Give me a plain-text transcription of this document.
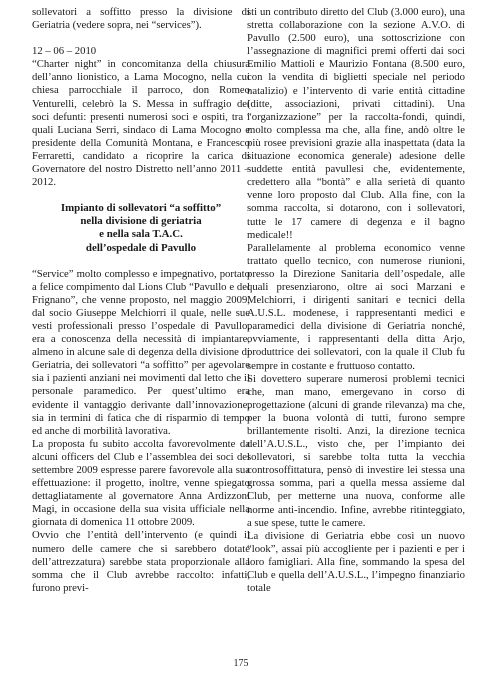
sollevatori a soffitto presso la divisione di Geriatria (vedere sopra, nei “services”).

12 – 06 – 2010

“Charter night” in concomitanza della chiusura dell’anno lionistico, a Lama Mocogno, nella cui chiesa parrocchiale il parroco, don Romeo Venturelli, celebrò la S. Messa in suffragio dei soci defunti: presenti numerosi soci e ospiti, tra i quali Luciana Serri, sindaco di Lama Mocogno e presidente della Comunità Montana, e Francesco Ferraretti, candidato a ricoprire la carica di Governatore del nostro Distretto nell’anno 2011 – 2012.

Impianto di sollevatori “a soffitto”

nella divisione di geriatria

e nella sala T.A.C.

dell’ospedale di Pavullo

“Service” molto complesso e impegnativo, portato a felice compimento dal Lions Club “Pavullo e del Frignano”, che venne proposto, nel maggio 2009, dal socio Giuseppe Melchiorri il quale, nelle sue vesti professionali presso l’ospedale di Pavullo, era a conoscenza della necessità di impiantare, almeno in alcune sale di degenza della divisione di Geriatria, dei sollevatori “a soffitto” per agevolare sia i pazienti anziani nei movimenti dal letto che il personale paramedico. Per quest’ultimo era evidente il vantaggio derivante dall’innovazione, sia in termini di fatica che di risparmio di tempo ed anche di morbilità lavorativa.

La proposta fu subito accolta favorevolmente da alcuni officers del Club e l’assemblea dei soci del settembre 2009 espresse parere favorevole alla sua effettuazione: il progetto, inoltre, venne spiegato dettagliatamente al governatore Anna Ardizzoni Magi, in occasione della sua visita ufficiale nella giornata di domenica 11 ottobre 2009.

Ovvio che l’entità dell’intervento (e quindi il numero delle camere che si sarebbero dotate dell’attrezzatura) sarebbe stata proporzionale alla somma che il Club avrebbe raccolto: infatti, furono previ-

sti un contributo diretto del Club (3.000 euro), una stretta collaborazione con la sezione A.V.O. di Pavullo (2.500 euro), una sottoscrizione con l’assegnazione di magnifici premi offerti dai soci Emilio Mattioli e Maurizio Fontana (8.500 euro, con la vendita di biglietti speciale nel periodo natalizio) e l’intervento di varie entità cittadine (ditte, associazioni, privati cittadini). Una “organizzazione” per la raccolta-fondi, quindi, molto complessa ma che, alla fine, andò oltre le più rosee previsioni grazie alla inaspettata (data la situazione economica generale) adesione delle suddette entità pavullesi che, evidentemente, credettero alla “bontà” e alla serietà di quanto venne loro proposto dal Club. Alla fine, con la somma raccolta, si dotarono, con i sollevatori, tutte le 17 camere di degenza e il bagno medicale!!

Parallelamente al problema economico venne trattato quello tecnico, con numerose riunioni, presso la Direzione Sanitaria dell’ospedale, alle quali presenziarono, oltre ai soci Marzani e Melchiorri, i dirigenti sanitari e tecnici della A.U.S.L. modenese, i rappresentanti medici e paramedici della divisione di Geriatria nonché, ovviamente, i rappresentanti della ditta Arjo, produttrice dei sollevatori, con la quale il Club fu sempre in costante e fruttuoso contatto.

Si dovettero superare numerosi problemi tecnici che, man mano, emergevano in corso di progettazione (alcuni di grande rilevanza) ma che, per la buona volontà di tutti, furono sempre brillantemente risolti. Anzi, la direzione tecnica dell’A.U.S.L., visto che, per l’impianto dei sollevatori, si sarebbe tolta tutta la vecchia controsoffittatura, pensò di investire lei stessa una grossa somma, pari a quella messa assieme dal Club, per metterne una nuova, conforme alle norme anti-incendio. Infine, avrebbe ritinteggiato, a sue spese, tutte le camere.

La divisione di Geriatria ebbe così un nuovo “look”, assai più accogliente per i pazienti e per i loro famigliari. Alla fine, sommando la spesa del Club e quella dell’A.U.S.L., l’impegno finanziario totale

175
